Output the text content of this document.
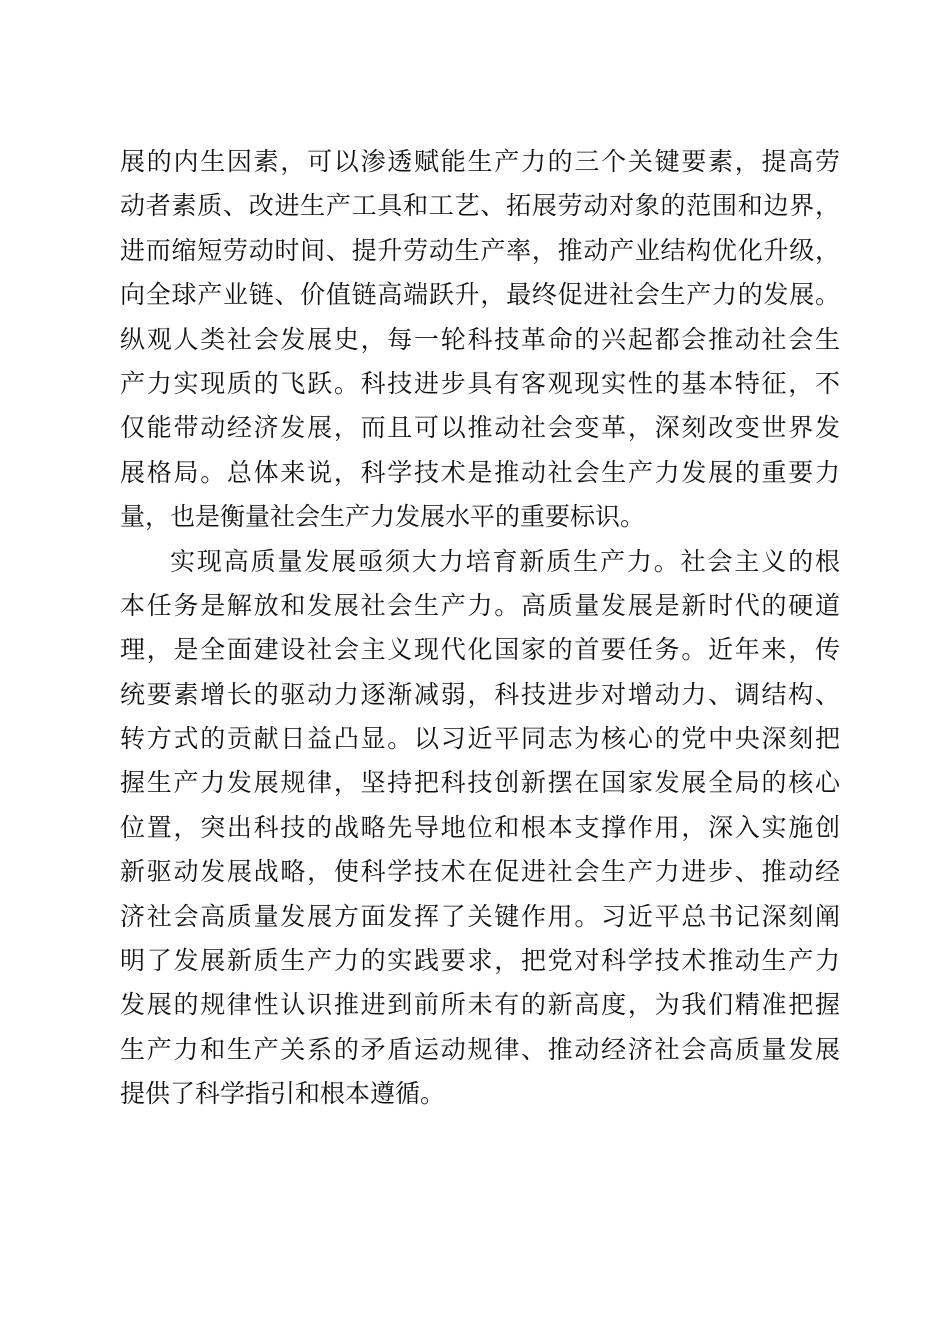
展的内生因素，可以渗透赋能生产力的三个关键要素，提高劳
动者素质、改进生产工具和工艺、拓展劳动对象的范围和边界，
进而缩短劳动时间、提升劳动生产率，推动产业结构优化升级，
向全球产业链、价值链高端跃升，最终促进社会生产力的发展。
纵观人类社会发展史，每一轮科技革命的兴起都会推动社会生
产力实现质的飞跃。科技进步具有客观现实性的基本特征，不
仅能带动经济发展，而且可以推动社会变革，深刻改变世界发
展格局。总体来说，科学技术是推动社会生产力发展的重要力
量，也是衡量社会生产力发展水平的重要标识。
实现高质量发展亟须大力培育新质生产力。社会主义的根
本任务是解放和发展社会生产力。高质量发展是新时代的硬道
理，是全面建设社会主义现代化国家的首要任务。近年来，传
统要素增长的驱动力逐渐减弱，科技进步对增动力、调结构、
转方式的贡献日益凸显。以习近平同志为核心的党中央深刻把
握生产力发展规律，坚持把科技创新摆在国家发展全局的核心
位置，突出科技的战略先导地位和根本支撑作用，深入实施创
新驱动发展战略，使科学技术在促进社会生产力进步、推动经
济社会高质量发展方面发挥了关键作用。习近平总书记深刻阐
明了发展新质生产力的实践要求，把党对科学技术推动生产力
发展的规律性认识推进到前所未有的新高度，为我们精准把握
生产力和生产关系的矛盾运动规律、推动经济社会高质量发展
提供了科学指引和根本遵循。
